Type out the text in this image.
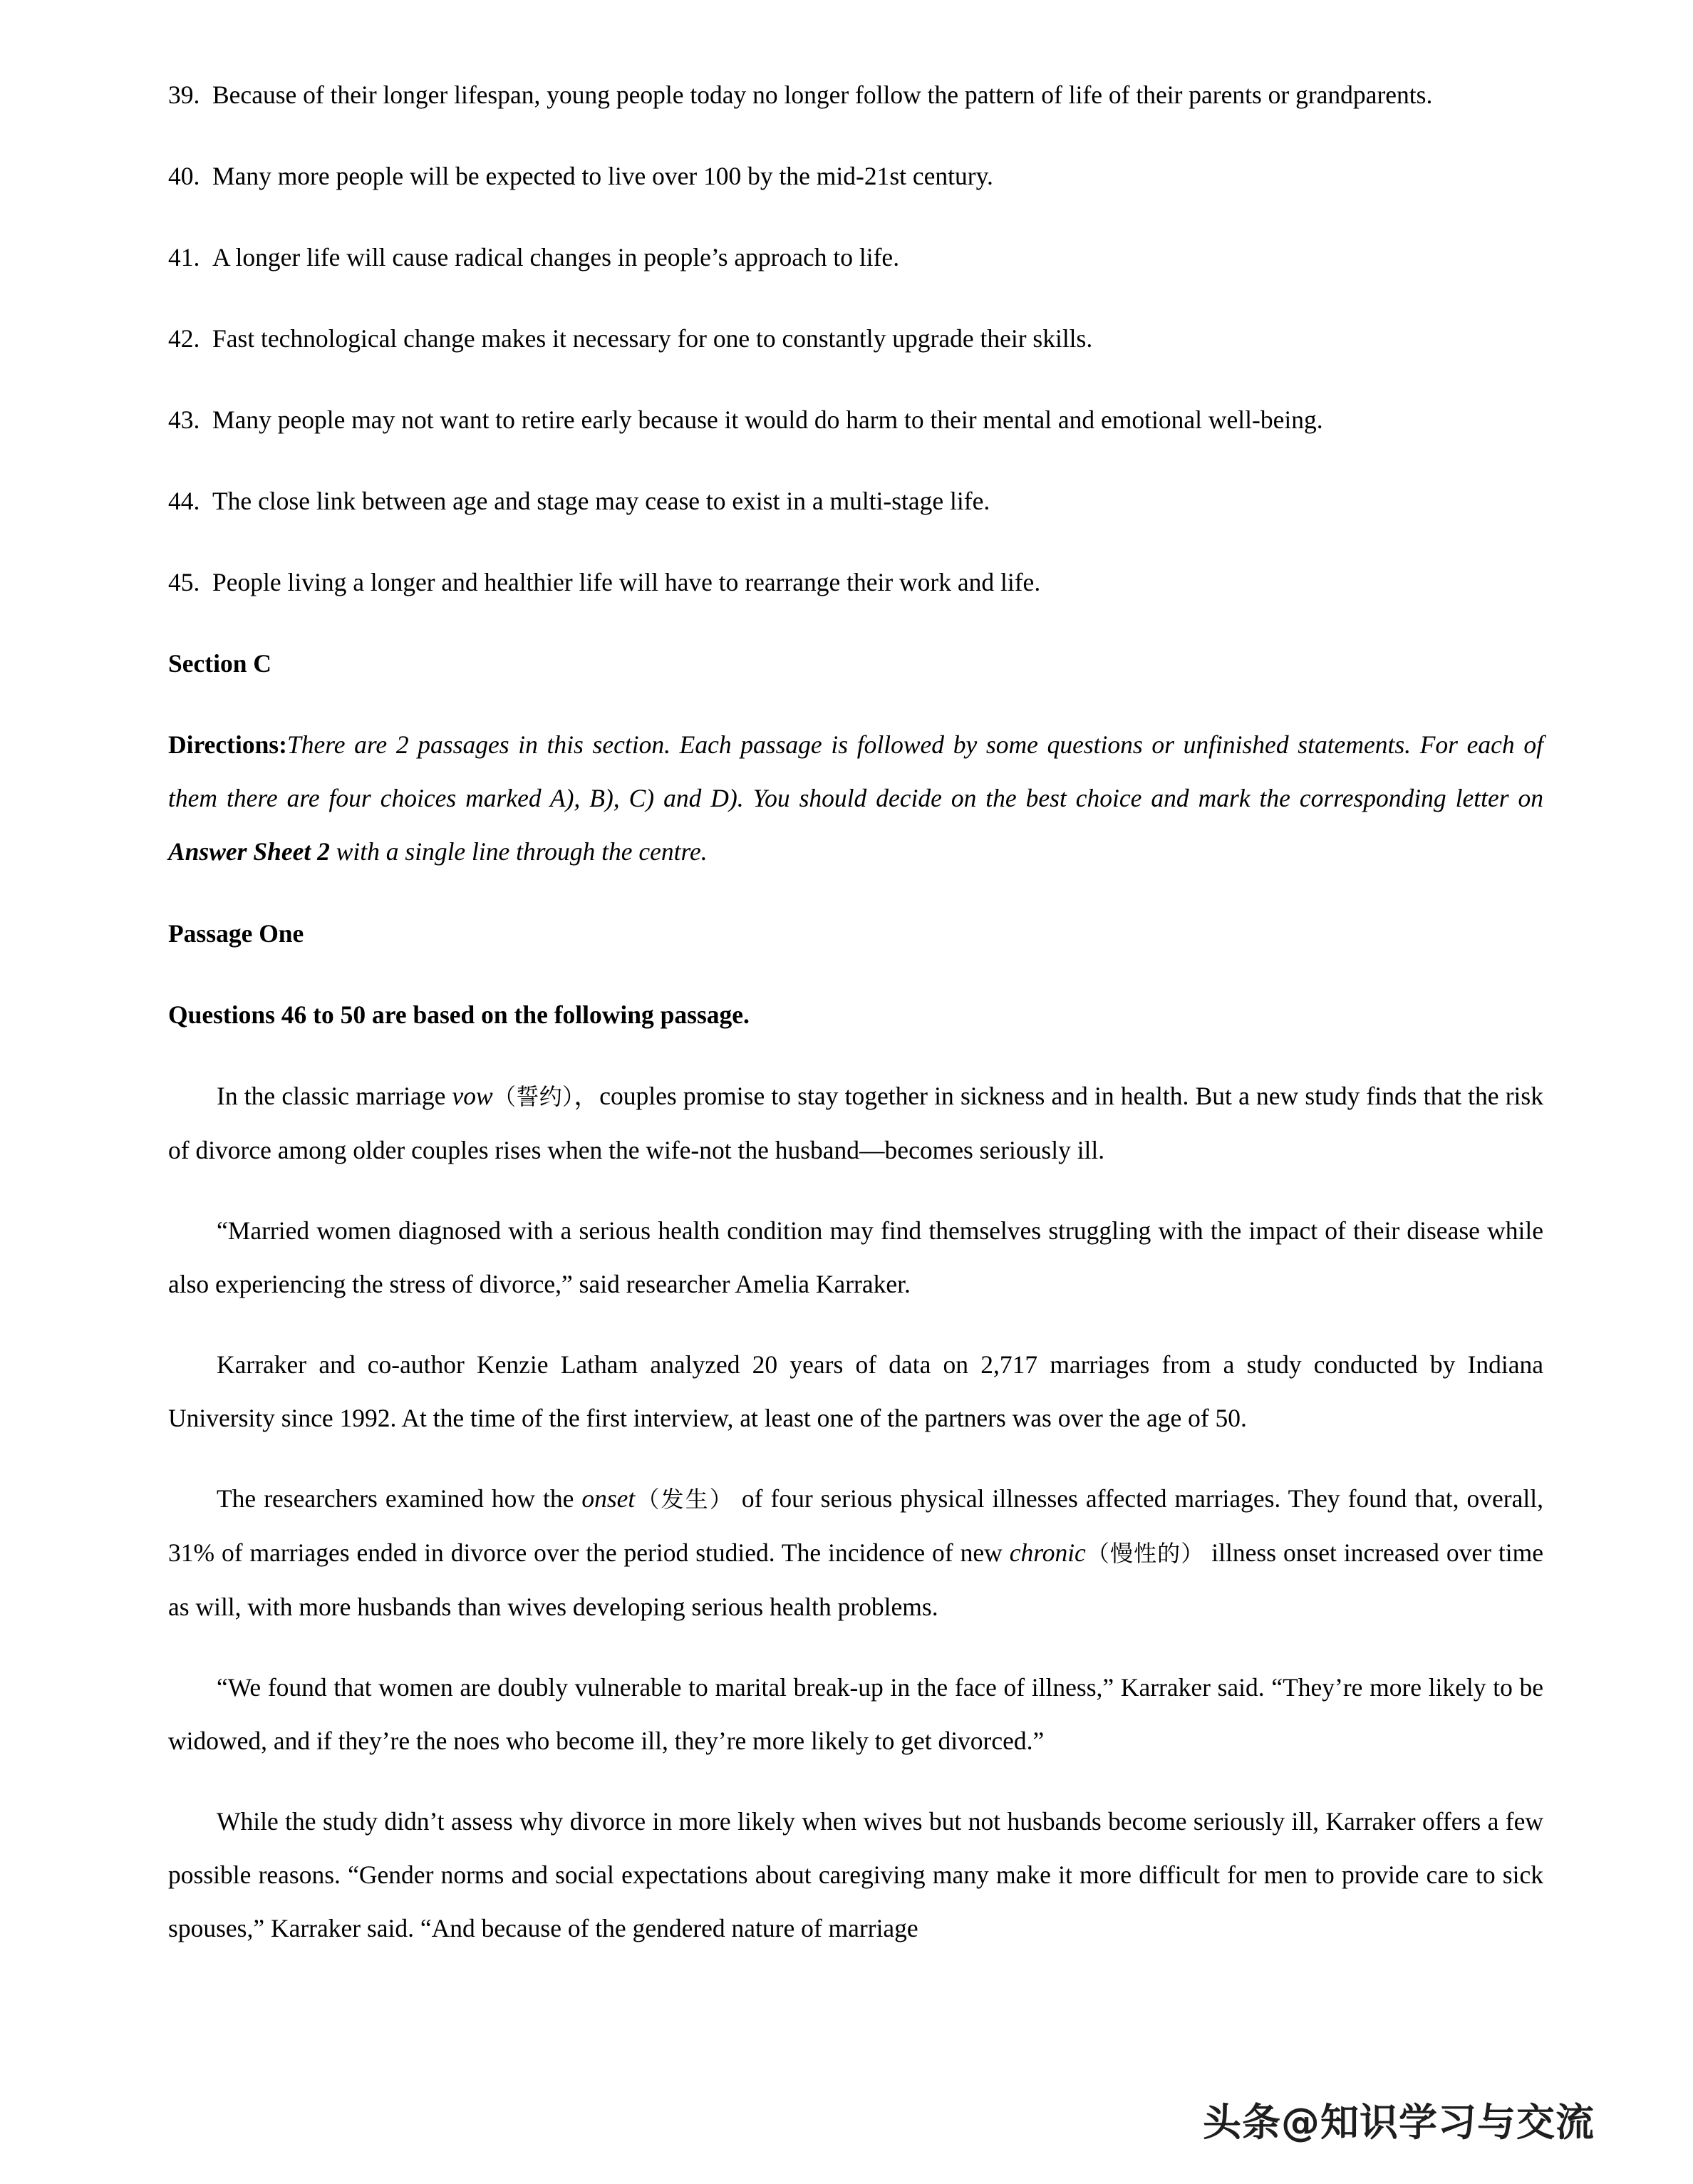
39. Because of their longer lifespan, young people today no longer follow the pattern of life of their parents or grandparents.
40. Many more people will be expected to live over 100 by the mid-21st century.
41. A longer life will cause radical changes in people’s approach to life.
42. Fast technological change makes it necessary for one to constantly upgrade their skills.
43. Many people may not want to retire early because it would do harm to their mental and emotional well-being.
44. The close link between age and stage may cease to exist in a multi-stage life.
45. People living a longer and healthier life will have to rearrange their work and life.

Section C

Directions:There are 2 passages in this section. Each passage is followed by some questions or unfinished statements. For each of them there are four choices marked A), B), C) and D). You should decide on the best choice and mark the corresponding letter on Answer Sheet 2 with a single line through the centre.

Passage One

Questions 46 to 50 are based on the following passage.

In the classic marriage vow（誓约），couples promise to stay together in sickness and in health. But a new study finds that the risk of divorce among older couples rises when the wife-not the husband—becomes seriously ill.

“Married women diagnosed with a serious health condition may find themselves struggling with the impact of their disease while also experiencing the stress of divorce,” said researcher Amelia Karraker.

Karraker and co-author Kenzie Latham analyzed 20 years of data on 2,717 marriages from a study conducted by Indiana University since 1992. At the time of the first interview, at least one of the partners was over the age of 50.

The researchers examined how the onset（发生） of four serious physical illnesses affected marriages. They found that, overall, 31% of marriages ended in divorce over the period studied. The incidence of new chronic（慢性的） illness onset increased over time as will, with more husbands than wives developing serious health problems.

“We found that women are doubly vulnerable to marital break-up in the face of illness,” Karraker said. “They’re more likely to be widowed, and if they’re the noes who become ill, they’re more likely to get divorced.”

While the study didn’t assess why divorce in more likely when wives but not husbands become seriously ill, Karraker offers a few possible reasons. “Gender norms and social expectations about caregiving many make it more difficult for men to provide care to sick spouses,” Karraker said. “And because of the gendered nature of marriage

头条@知识学习与交流
